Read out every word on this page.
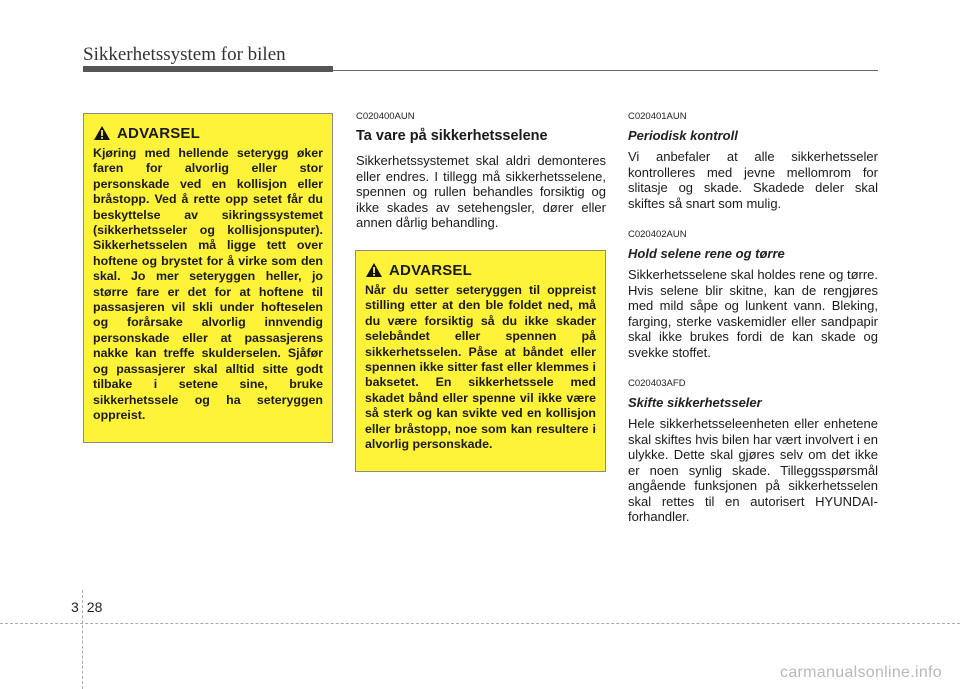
Sikkerhetssystem for bilen
ADVARSEL

Kjøring med hellende seterygg øker faren for alvorlig eller stor personskade ved en kollisjon eller bråstopp. Ved å rette opp setet får du beskyttelse av sikringssystemet (sikkerhetsseler og kollisjonsputer). Sikkerhetsselen må ligge tett over hoftene og brystet for å virke som den skal. Jo mer seteryggen heller, jo større fare er det for at hoftene til passasjeren vil skli under hofteselen og forårsake alvorlig innvendig personskade eller at passasjerens nakke kan treffe skulderselen. Sjåfør og passasjerer skal alltid sitte godt tilbake i setene sine, bruke sikkerhetssele og ha seteryggen oppreist.

C020400AUN

Ta vare på sikkerhetsselene

Sikkerhetssystemet skal aldri demonteres eller endres. I tillegg må sikkerhetsselene, spennen og rullen behandles forsiktig og ikke skades av setehengsler, dører eller annen dårlig behandling.

ADVARSEL

Når du setter seteryggen til oppreist stilling etter at den ble foldet ned, må du være forsiktig så du ikke skader selebåndet eller spennen på sikkerhetsselen. Påse at båndet eller spennen ikke sitter fast eller klemmes i baksetet. En sikkerhetssele med skadet bånd eller spenne vil ikke være så sterk og kan svikte ved en kollisjon eller bråstopp, noe som kan resultere i alvorlig personskade.

C020401AUN

Periodisk kontroll

Vi anbefaler at alle sikkerhetsseler kontrolleres med jevne mellomrom for slitasje og skade. Skadede deler skal skiftes så snart som mulig.

C020402AUN

Hold selene rene og tørre

Sikkerhetsselene skal holdes rene og tørre. Hvis selene blir skitne, kan de rengjøres med mild såpe og lunkent vann. Bleking, farging, sterke vaskemidler eller sandpapir skal ikke brukes fordi de kan skade og svekke stoffet.

C020403AFD

Skifte sikkerhetsseler

Hele sikkerhetsseleenheten eller enhetene skal skiftes hvis bilen har vært involvert i en ulykke. Dette skal gjøres selv om det ikke er noen synlig skade. Tilleggsspørsmål angående funksjonen på sikkerhetsselen skal rettes til en autorisert HYUNDAI-forhandler.

3 28
carmanualsonline.info
